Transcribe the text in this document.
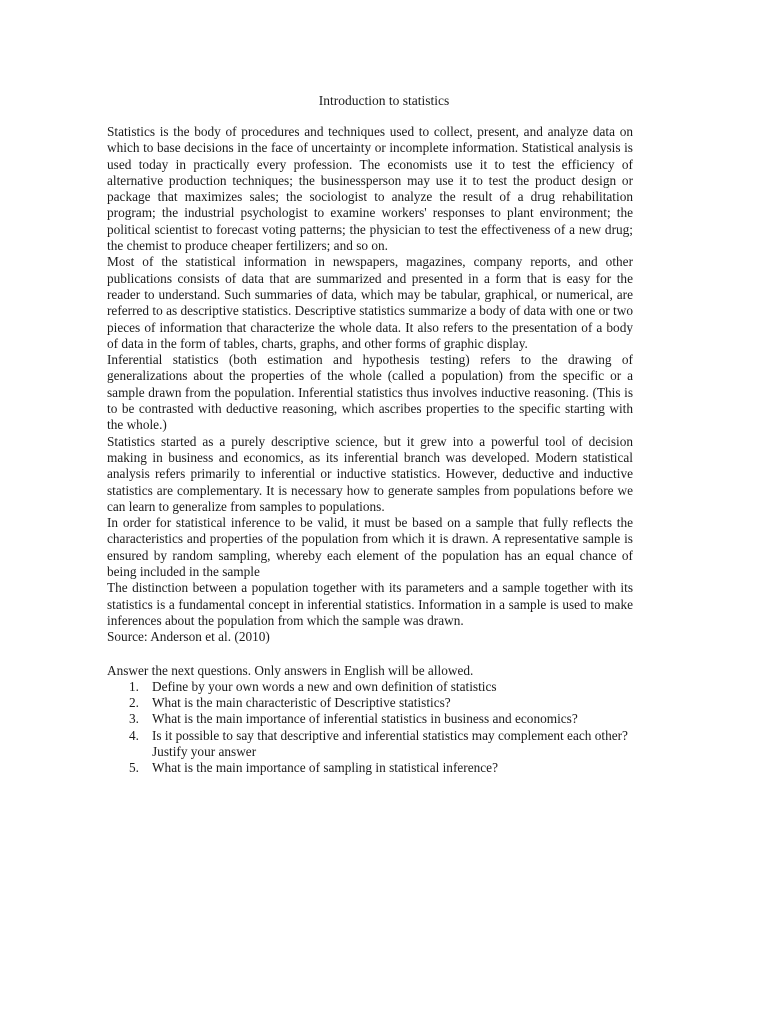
Introduction to statistics

Statistics is the body of procedures and techniques used to collect, present, and analyze data on which to base decisions in the face of uncertainty or incomplete information. Statistical analysis is used today in practically every profession. The economists use it to test the efficiency of alternative production techniques; the businessperson may use it to test the product design or package that maximizes sales; the sociologist to analyze the result of a drug rehabilitation program; the industrial psychologist to examine workers' responses to plant environment; the political scientist to forecast voting patterns; the physician to test the effectiveness of a new drug; the chemist to produce cheaper fertilizers; and so on.

Most of the statistical information in newspapers, magazines, company reports, and other publications consists of data that are summarized and presented in a form that is easy for the reader to understand. Such summaries of data, which may be tabular, graphical, or numerical, are referred to as descriptive statistics. Descriptive statistics summarize a body of data with one or two pieces of information that characterize the whole data. It also refers to the presentation of a body of data in the form of tables, charts, graphs, and other forms of graphic display.

Inferential statistics (both estimation and hypothesis testing) refers to the drawing of generalizations about the properties of the whole (called a population) from the specific or a sample drawn from the population. Inferential statistics thus involves inductive reasoning. (This is to be contrasted with deductive reasoning, which ascribes properties to the specific starting with the whole.)

Statistics started as a purely descriptive science, but it grew into a powerful tool of decision making in business and economics, as its inferential branch was developed. Modern statistical analysis refers primarily to inferential or inductive statistics. However, deductive and inductive statistics are complementary. It is necessary how to generate samples from populations before we can learn to generalize from samples to populations.

In order for statistical inference to be valid, it must be based on a sample that fully reflects the characteristics and properties of the population from which it is drawn. A representative sample is ensured by random sampling, whereby each element of the population has an equal chance of being included in the sample

The distinction between a population together with its parameters and a sample together with its statistics is a fundamental concept in inferential statistics. Information in a sample is used to make inferences about the population from which the sample was drawn.

Source: Anderson et al. (2010)

Answer the next questions. Only answers in English will be allowed.

1. Define by your own words a new and own definition of statistics
2. What is the main characteristic of Descriptive statistics?
3. What is the main importance of inferential statistics in business and economics?
4. Is it possible to say that descriptive and inferential statistics may complement each other? Justify your answer
5. What is the main importance of sampling in statistical inference?
